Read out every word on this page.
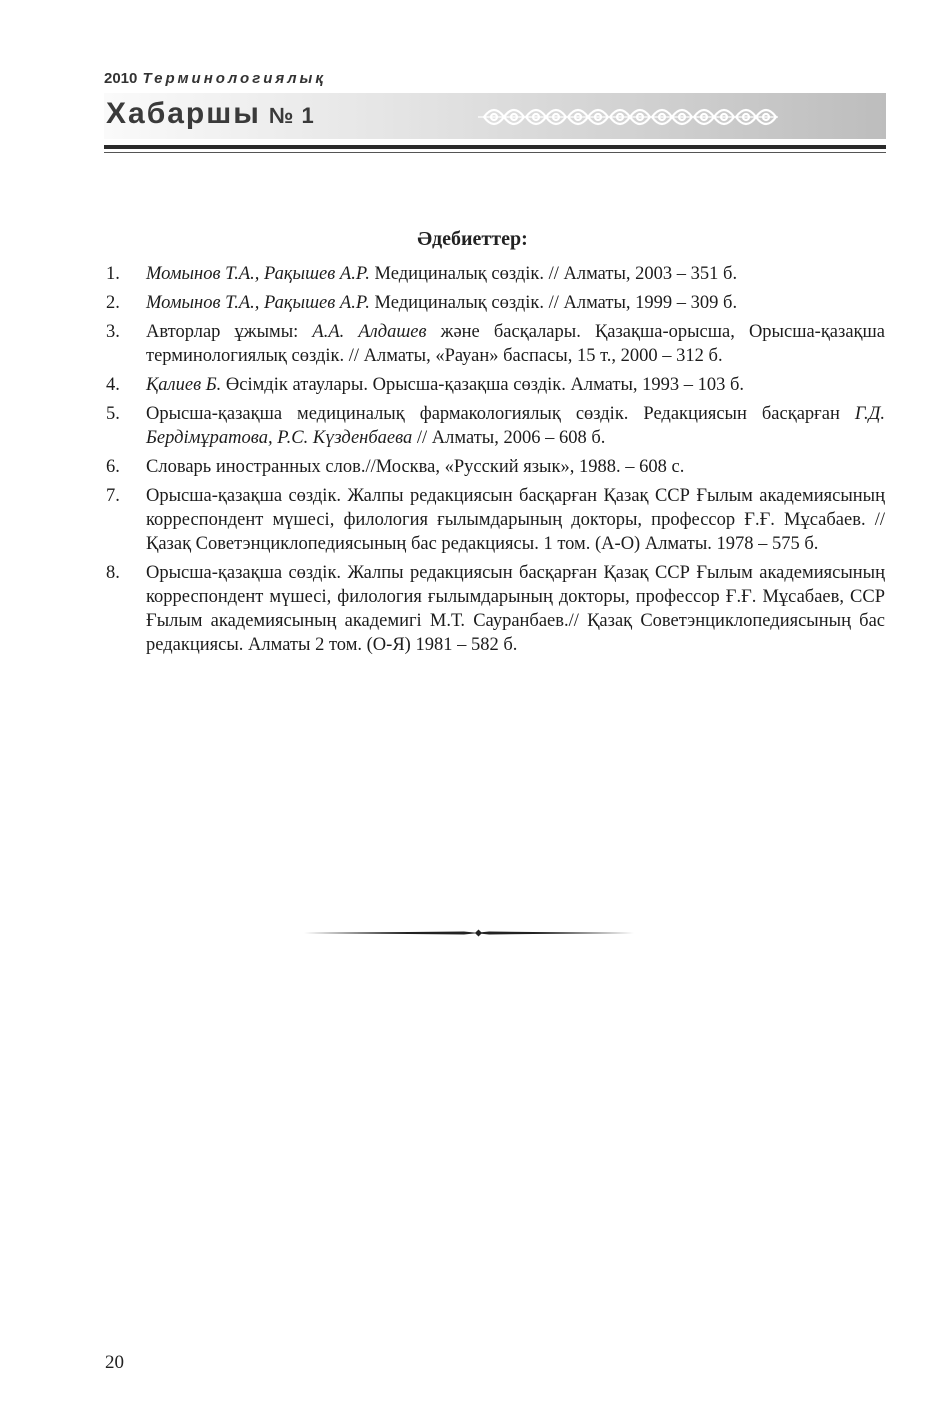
2010 Терминологиялық
Хабаршы № 1
Әдебиеттер:
1. Момынов Т.А., Рақышев А.Р. Медициналық сөздік. // Алматы, 2003 – 351 б.
2. Момынов Т.А., Рақышев А.Р. Медициналық сөздік. // Алматы, 1999 – 309 б.
3. Авторлар ұжымы: А.А. Алдашев және басқалары. Қазақша-орысша, Орысша-қазақша терминологиялық сөздік. // Алматы, «Рауан» баспасы, 15 т., 2000 – 312 б.
4. Қалиев Б. Өсімдік атаулары. Орысша-қазақша сөздік. Алматы, 1993 – 103 б.
5. Орысша-қазақша медициналық фармакологиялық сөздік. Редакциясын басқарған Г.Д. Бердімұратова, Р.С. Күзденбаева // Алматы, 2006 – 608 б.
6. Словарь иностранных слов.//Москва, «Русский язык», 1988. – 608 с.
7. Орысша-қазақша сөздік. Жалпы редакциясын басқарған Қазақ ССР Ғылым академиясының корреспондент мүшесі, филология ғылымдарының докторы, профессор Ғ.Ғ. Мұсабаев. // Қазақ Советэнциклопедиясының бас редакциясы. 1 том. (А-О) Алматы. 1978 – 575 б.
8. Орысша-қазақша сөздік. Жалпы редакциясын басқарған Қазақ ССР Ғылым академиясының корреспондент мүшесі, филология ғылымдарының докторы, профессор Ғ.Ғ. Мұсабаев, ССР Ғылым академиясының академигі М.Т. Сауранбаев.// Қазақ Советэнциклопедиясының бас редакциясы. Алматы 2 том. (О-Я) 1981 – 582 б.
20
